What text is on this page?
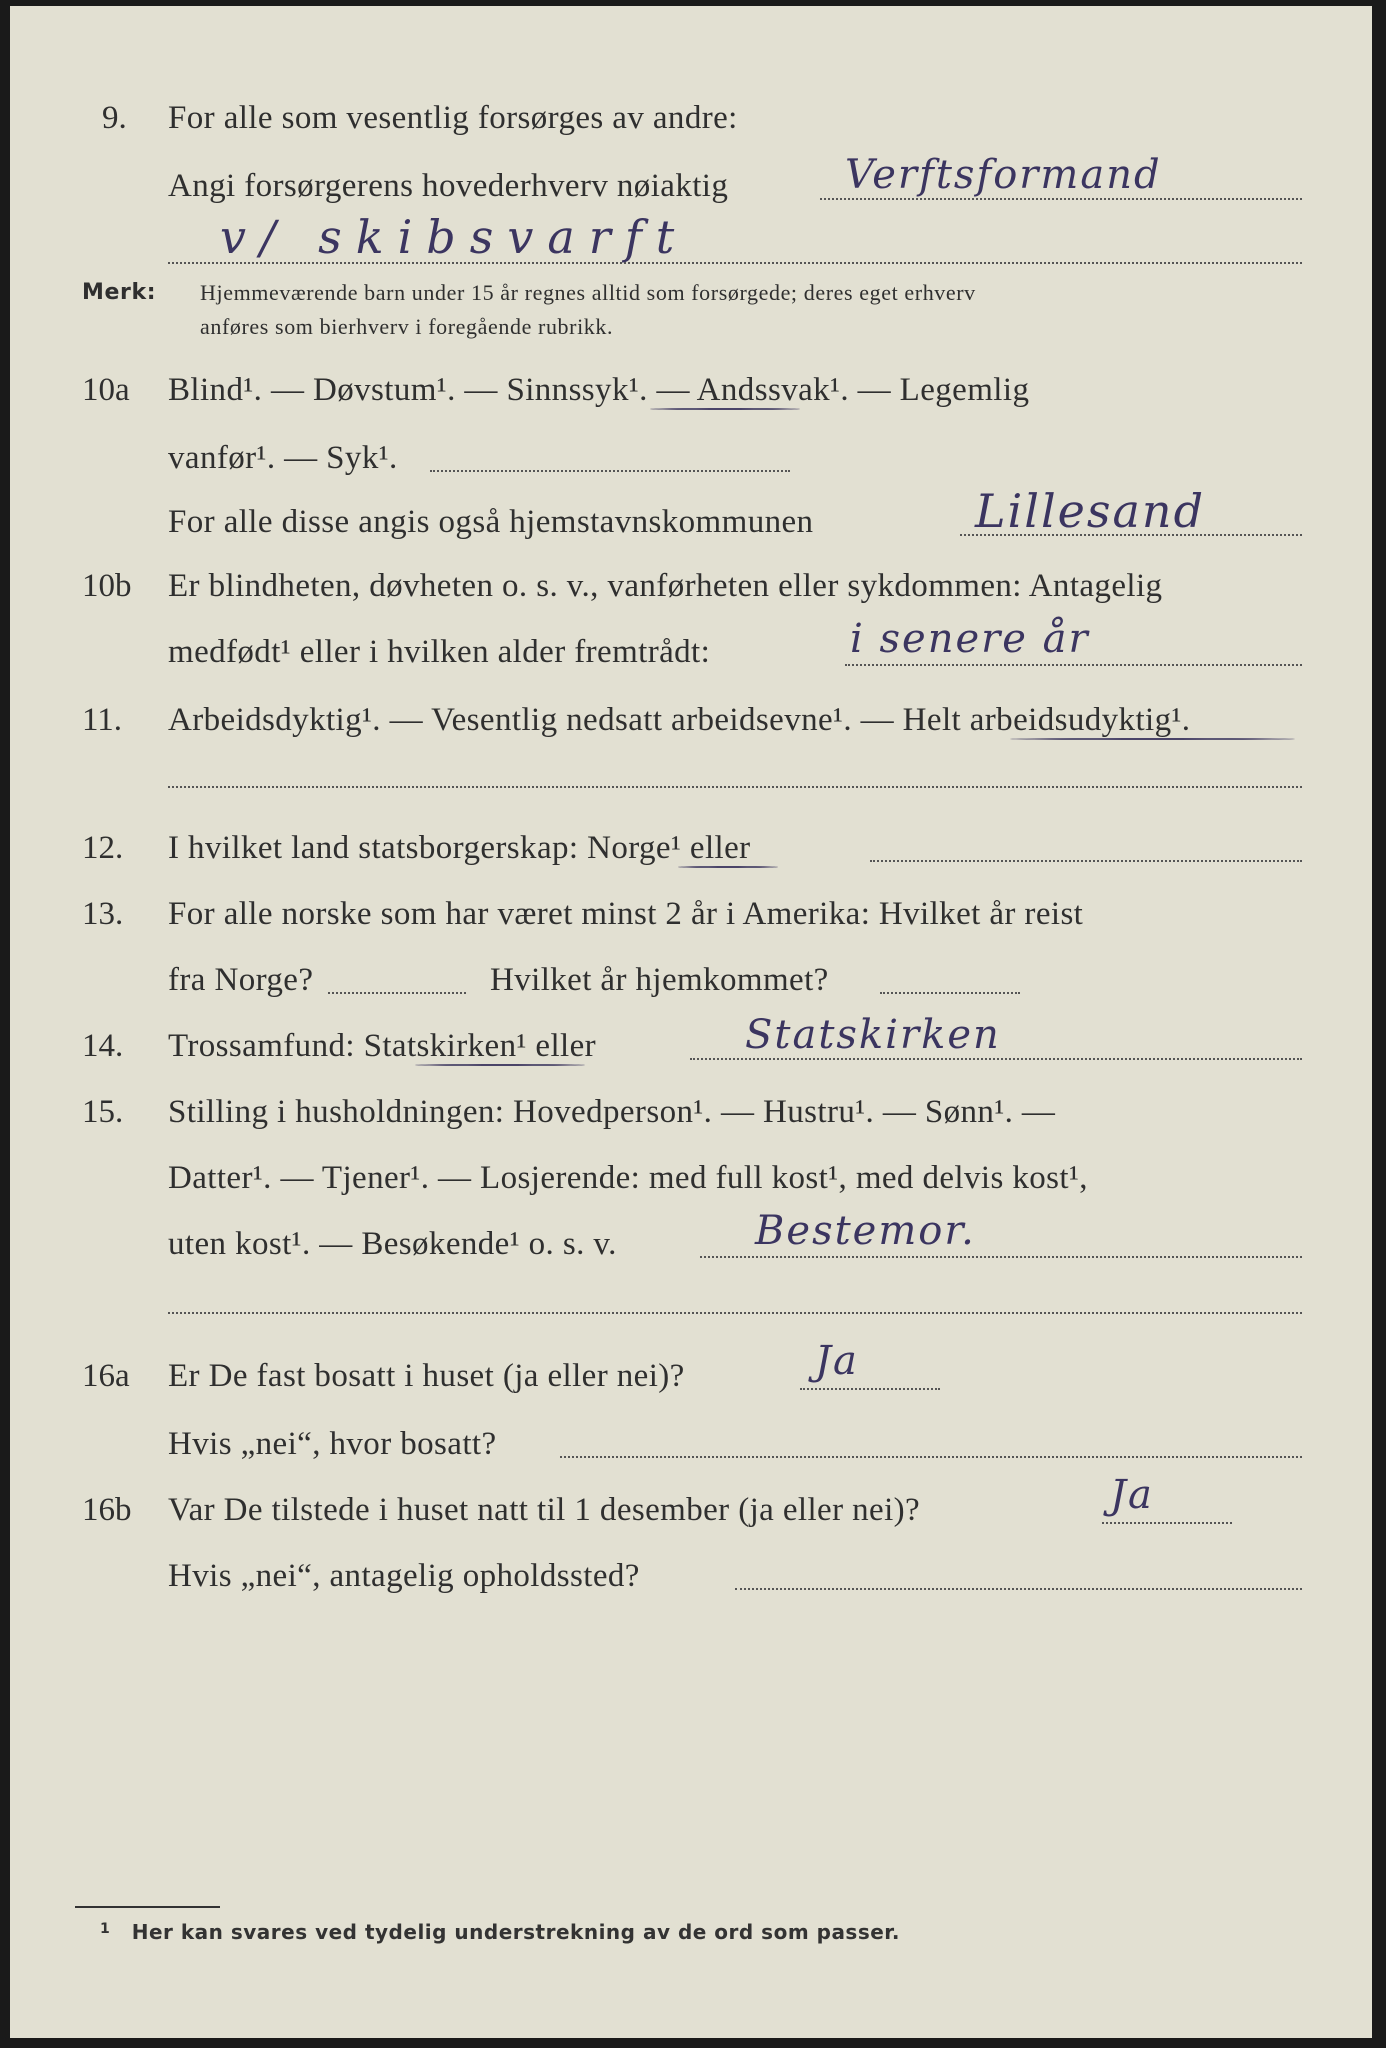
9. For alle som vesentlig forsørges av andre:
Angi forsørgerens hovederhverv nøiaktig	Verftsformand
v/ skibsvarft
Merk: Hjemmeværende barn under 15 år regnes alltid som forsørgede; deres eget erhverv
anføres som bierhverv i foregående rubrikk.
10a Blind¹. — Døvstum¹. — Sinnssyk¹. — Andssvak¹. — Legemlig
vanfør¹. — Syk¹.
For alle disse angis også hjemstavnskommunen	Lillesand
10b Er blindheten, døvheten o. s. v., vanførheten eller sykdommen: Antagelig
medfødt¹ eller i hvilken alder fremtrådt:	i senere år
11. Arbeidsdyktig¹. — Vesentlig nedsatt arbeidsevne¹. — Helt arbeidsudyktig¹.
12. I hvilket land statsborgerskap: Norge¹ eller
13. For alle norske som har været minst 2 år i Amerika: Hvilket år reist
fra Norge?	Hvilket år hjemkommet?
14. Trossamfund: Statskirken¹ eller	Statskirken
15. Stilling i husholdningen: Hovedperson¹. — Hustru¹. — Sønn¹. —
Datter¹. — Tjener¹. — Losjerende: med full kost¹, med delvis kost¹,
uten kost¹. — Besøkende¹ o. s. v.	Bestemor.
16a Er De fast bosatt i huset (ja eller nei)?	Ja
Hvis „nei“, hvor bosatt?
16b Var De tilstede i huset natt til 1 desember (ja eller nei)?	Ja
Hvis „nei“, antagelig opholdssted?
$^1$ Her kan svares ved tydelig understrekning av de ord som passer.
